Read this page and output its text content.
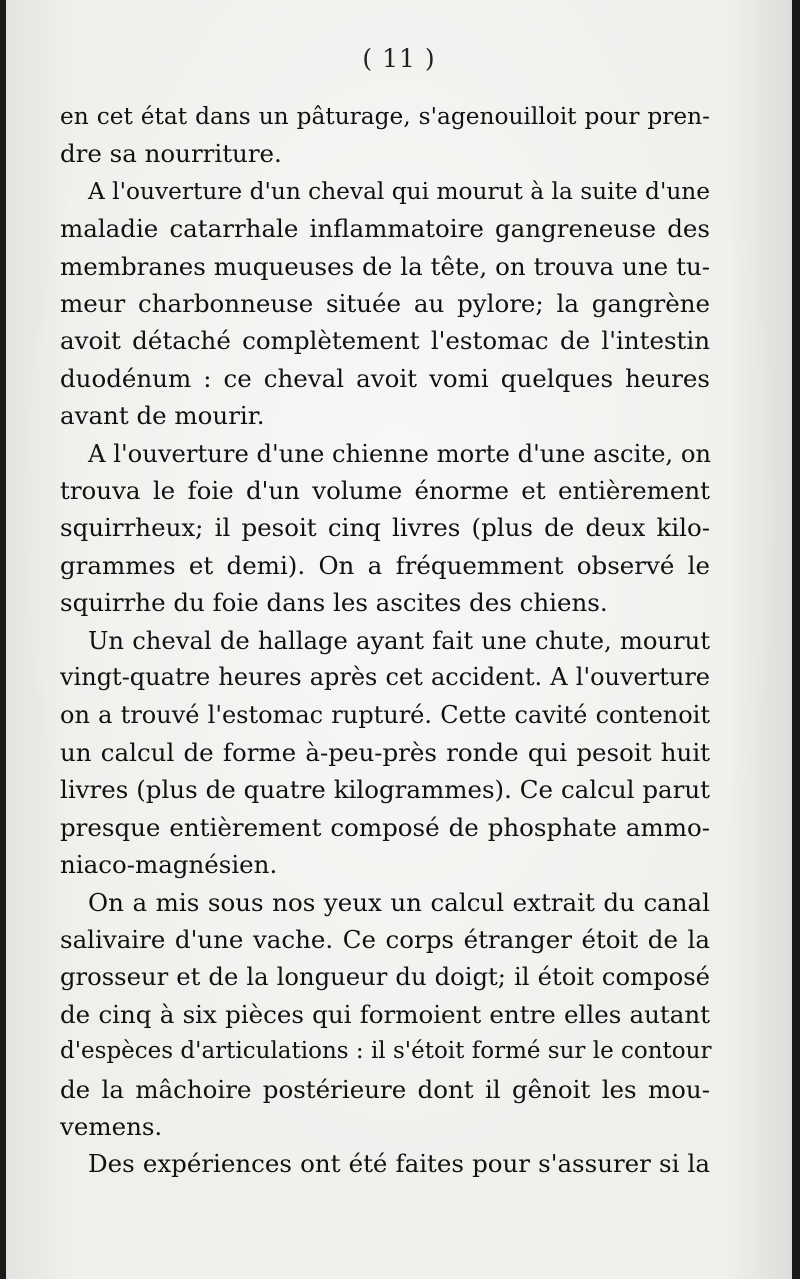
( 11 )

en cet état dans un pâturage, s'agenouilloit pour pren-
dre sa nourriture.

A l'ouverture d'un cheval qui mourut à la suite d'une
maladie catarrhale inflammatoire gangreneuse des
membranes muqueuses de la tête, on trouva une tu-
meur charbonneuse située au pylore; la gangrène
avoit détaché complètement l'estomac de l'intestin
duodénum : ce cheval avoit vomi quelques heures
avant de mourir.

A l'ouverture d'une chienne morte d'une ascite, on
trouva le foie d'un volume énorme et entièrement
squirrheux; il pesoit cinq livres (plus de deux kilo-
grammes et demi). On a fréquemment observé le
squirrhe du foie dans les ascites des chiens.

Un cheval de hallage ayant fait une chute, mourut
vingt-quatre heures après cet accident. A l'ouverture
on a trouvé l'estomac rupturé. Cette cavité contenoit
un calcul de forme à-peu-près ronde qui pesoit huit
livres (plus de quatre kilogrammes). Ce calcul parut
presque entièrement composé de phosphate ammo-
niaco-magnésien.

On a mis sous nos yeux un calcul extrait du canal
salivaire d'une vache. Ce corps étranger étoit de la
grosseur et de la longueur du doigt; il étoit composé
de cinq à six pièces qui formoient entre elles autant
d'espèces d'articulations : il s'étoit formé sur le contour
de la mâchoire postérieure dont il gênoit les mou-
vemens.

Des expériences ont été faites pour s'assurer si la
